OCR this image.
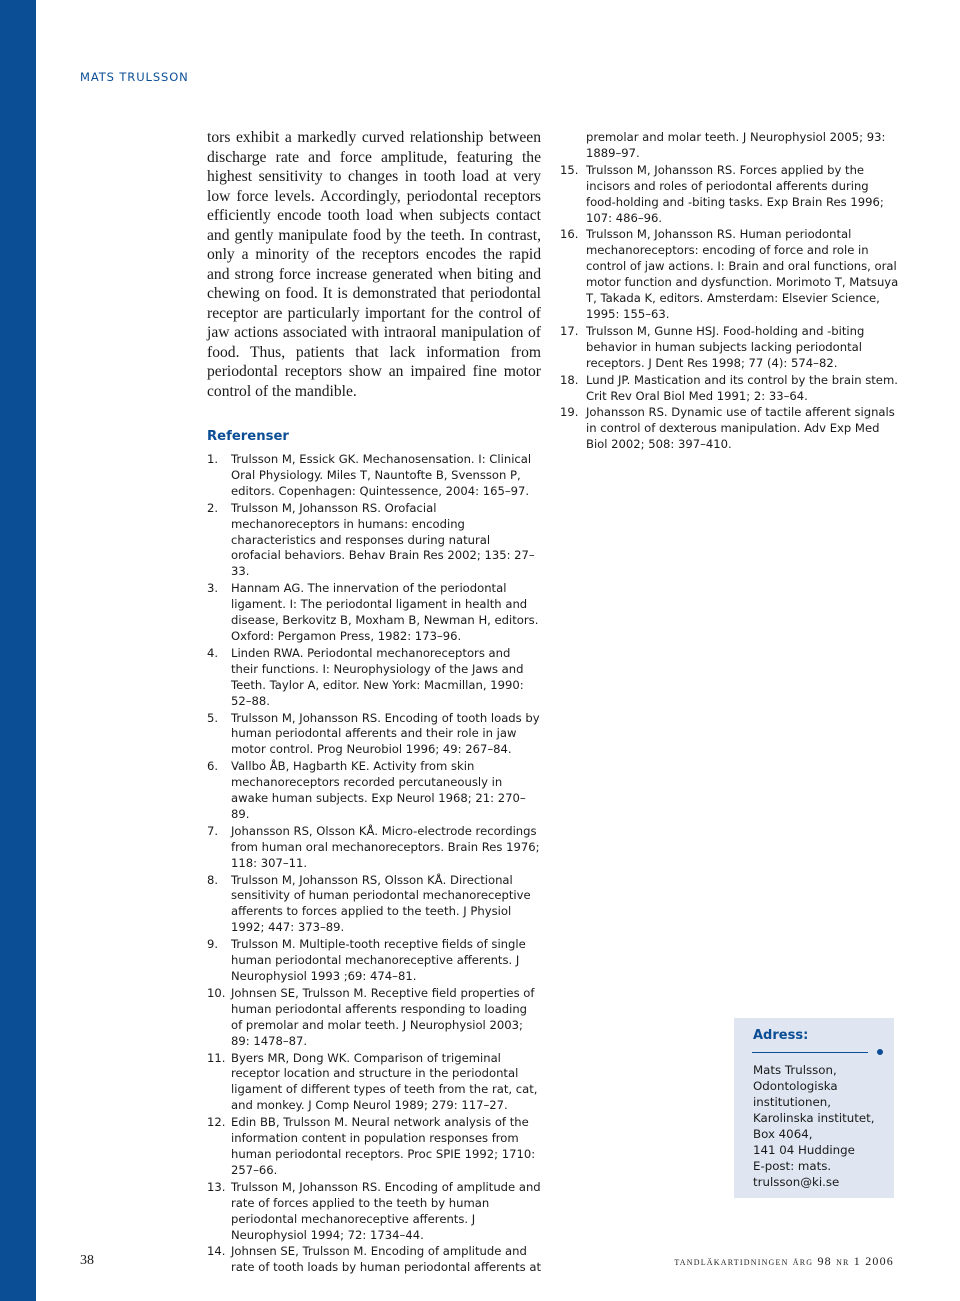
MATS TRULSSON

tors exhibit a markedly curved relationship between discharge rate and force amplitude, featuring the highest sensitivity to changes in tooth load at very low force levels. Accordingly, periodontal receptors efficiently encode tooth load when subjects contact and gently manipulate food by the teeth. In contrast, only a minority of the receptors encodes the rapid and strong force increase generated when biting and chewing on food. It is demonstrated that periodontal receptor are particularly important for the control of jaw actions associated with intraoral manipulation of food. Thus, patients that lack information from periodontal receptors show an impaired fine motor control of the mandible.

Referenser
1. Trulsson M, Essick GK. Mechanosensation. I: Clinical Oral Physiology. Miles T, Nauntofte B, Svensson P, editors. Copenhagen: Quintessence, 2004: 165–97.
2. Trulsson M, Johansson RS. Orofacial mechanoreceptors in humans: encoding characteristics and responses during natural orofacial behaviors. Behav Brain Res 2002; 135: 27–33.
3. Hannam AG. The innervation of the periodontal ligament. I: The periodontal ligament in health and disease, Berkovitz B, Moxham B, Newman H, editors. Oxford: Pergamon Press, 1982: 173–96.
4. Linden RWA. Periodontal mechanoreceptors and their functions. I: Neurophysiology of the Jaws and Teeth. Taylor A, editor. New York: Macmillan, 1990: 52–88.
5. Trulsson M, Johansson RS. Encoding of tooth loads by human periodontal afferents and their role in jaw motor control. Prog Neurobiol 1996; 49: 267–84.
6. Vallbo ÅB, Hagbarth KE. Activity from skin mechanoreceptors recorded percutaneously in awake human subjects. Exp Neurol 1968; 21: 270–89.
7. Johansson RS, Olsson KÅ. Micro-electrode recordings from human oral mechanoreceptors. Brain Res 1976; 118: 307–11.
8. Trulsson M, Johansson RS, Olsson KÅ. Directional sensitivity of human periodontal mechanoreceptive afferents to forces applied to the teeth. J Physiol 1992; 447: 373–89.
9. Trulsson M. Multiple-tooth receptive fields of single human periodontal mechanoreceptive afferents. J Neurophysiol 1993 ;69: 474–81.
10. Johnsen SE, Trulsson M. Receptive field properties of human periodontal afferents responding to loading of premolar and molar teeth. J Neurophysiol 2003; 89: 1478–87.
11. Byers MR, Dong WK. Comparison of trigeminal receptor location and structure in the periodontal ligament of different types of teeth from the rat, cat, and monkey. J Comp Neurol 1989; 279: 117–27.
12. Edin BB, Trulsson M. Neural network analysis of the information content in population responses from human periodontal receptors. Proc SPIE 1992; 1710: 257–66.
13. Trulsson M, Johansson RS. Encoding of amplitude and rate of forces applied to the teeth by human periodontal mechanoreceptive afferents. J Neurophysiol 1994; 72: 1734–44.
14. Johnsen SE, Trulsson M. Encoding of amplitude and rate of tooth loads by human periodontal afferents at
premolar and molar teeth. J Neurophysiol 2005; 93: 1889–97.
15. Trulsson M, Johansson RS. Forces applied by the incisors and roles of periodontal afferents during food-holding and -biting tasks. Exp Brain Res 1996; 107: 486–96.
16. Trulsson M, Johansson RS. Human periodontal mechanoreceptors: encoding of force and role in control of jaw actions. I: Brain and oral functions, oral motor function and dysfunction. Morimoto T, Matsuya T, Takada K, editors. Amsterdam: Elsevier Science, 1995: 155–63.
17. Trulsson M, Gunne HSJ. Food-holding and -biting behavior in human subjects lacking periodontal receptors. J Dent Res 1998; 77 (4): 574–82.
18. Lund JP. Mastication and its control by the brain stem. Crit Rev Oral Biol Med 1991; 2: 33–64.
19. Johansson RS. Dynamic use of tactile afferent signals in control of dexterous manipulation. Adv Exp Med Biol 2002; 508: 397–410.
Adress:
Mats Trulsson,
Odontologiska
institutionen,
Karolinska institutet,
Box 4064,
141 04 Huddinge
E-post: mats.
trulsson@ki.se
38	tandläkartidningen årg 98 nr 1 2006
